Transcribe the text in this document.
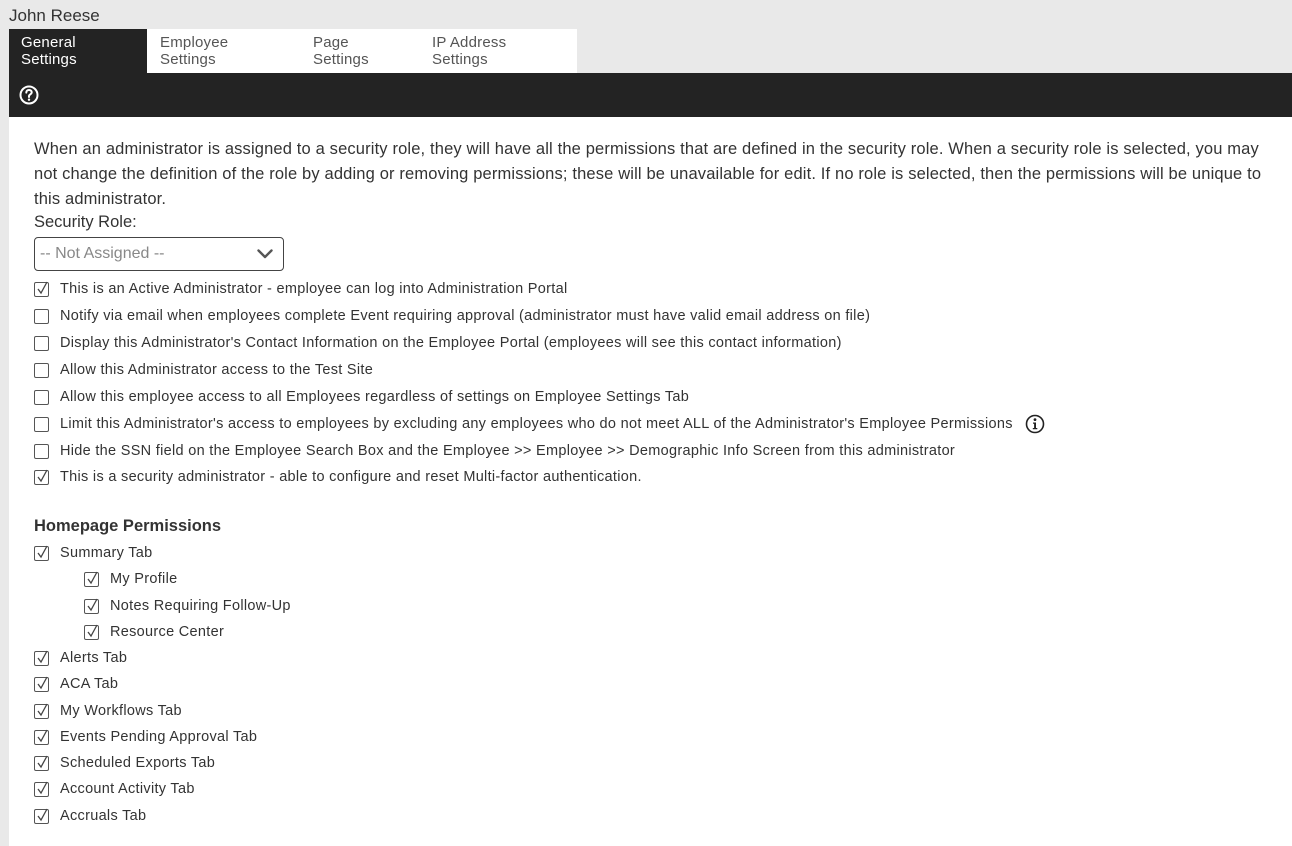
John Reese
General Settings
Employee Settings
Page Settings
IP Address Settings
When an administrator is assigned to a security role, they will have all the permissions that are defined in the security role. When a security role is selected, you may not change the definition of the role by adding or removing permissions; these will be unavailable for edit. If no role is selected, then the permissions will be unique to this administrator.
Security Role:
-- Not Assigned --
This is an Active Administrator - employee can log into Administration Portal
Notify via email when employees complete Event requiring approval (administrator must have valid email address on file)
Display this Administrator's Contact Information on the Employee Portal (employees will see this contact information)
Allow this Administrator access to the Test Site
Allow this employee access to all Employees regardless of settings on Employee Settings Tab
Limit this Administrator's access to employees by excluding any employees who do not meet ALL of the Administrator's Employee Permissions
Hide the SSN field on the Employee Search Box and the Employee >> Employee >> Demographic Info Screen from this administrator
This is a security administrator - able to configure and reset Multi-factor authentication.
Homepage Permissions
Summary Tab
My Profile
Notes Requiring Follow-Up
Resource Center
Alerts Tab
ACA Tab
My Workflows Tab
Events Pending Approval Tab
Scheduled Exports Tab
Account Activity Tab
Accruals Tab
